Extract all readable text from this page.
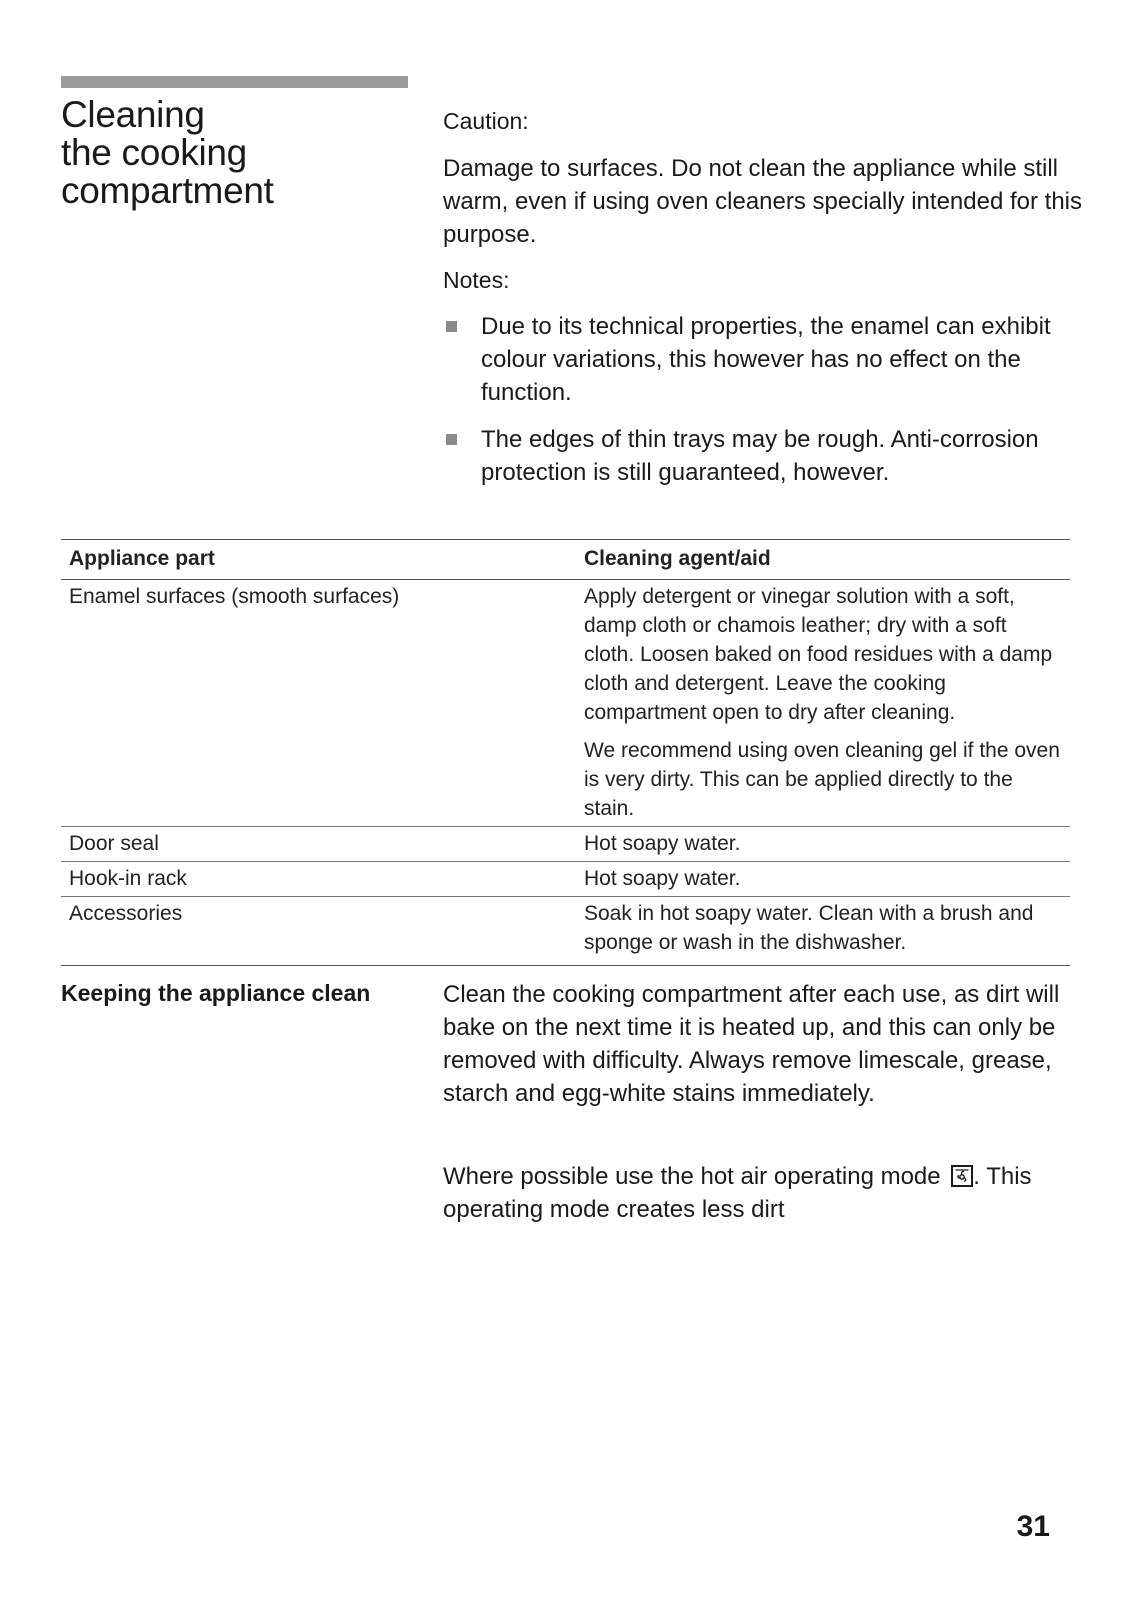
Cleaning
the cooking
compartment

Caution:

Damage to surfaces. Do not clean the appliance while still warm, even if using oven cleaners specially intended for this purpose.

Notes:

Due to its technical properties, the enamel can exhibit colour variations, this however has no effect on the function.
The edges of thin trays may be rough. Anti-corrosion protection is still guaranteed, however.
Appliance part	Cleaning agent/aid
Enamel surfaces (smooth surfaces)	Apply detergent or vinegar solution with a soft, damp cloth or chamois leather; dry with a soft cloth. Loosen baked on food residues with a damp cloth and detergent. Leave the cooking compartment open to dry after cleaning.

We recommend using oven cleaning gel if the oven is very dirty. This can be applied directly to the stain.

Door seal	Hot soapy water.

Hook-in rack	Hot soapy water.

Accessories	Soak in hot soapy water. Clean with a brush and sponge or wash in the dishwasher.

Keeping the appliance clean	Clean the cooking compartment after each use, as dirt will bake on the next time it is heated up, and this can only be removed with difficulty. Always remove limescale, grease, starch and egg-white stains immediately.

Where possible use the hot air operating mode . This operating mode creates less dirt

31
